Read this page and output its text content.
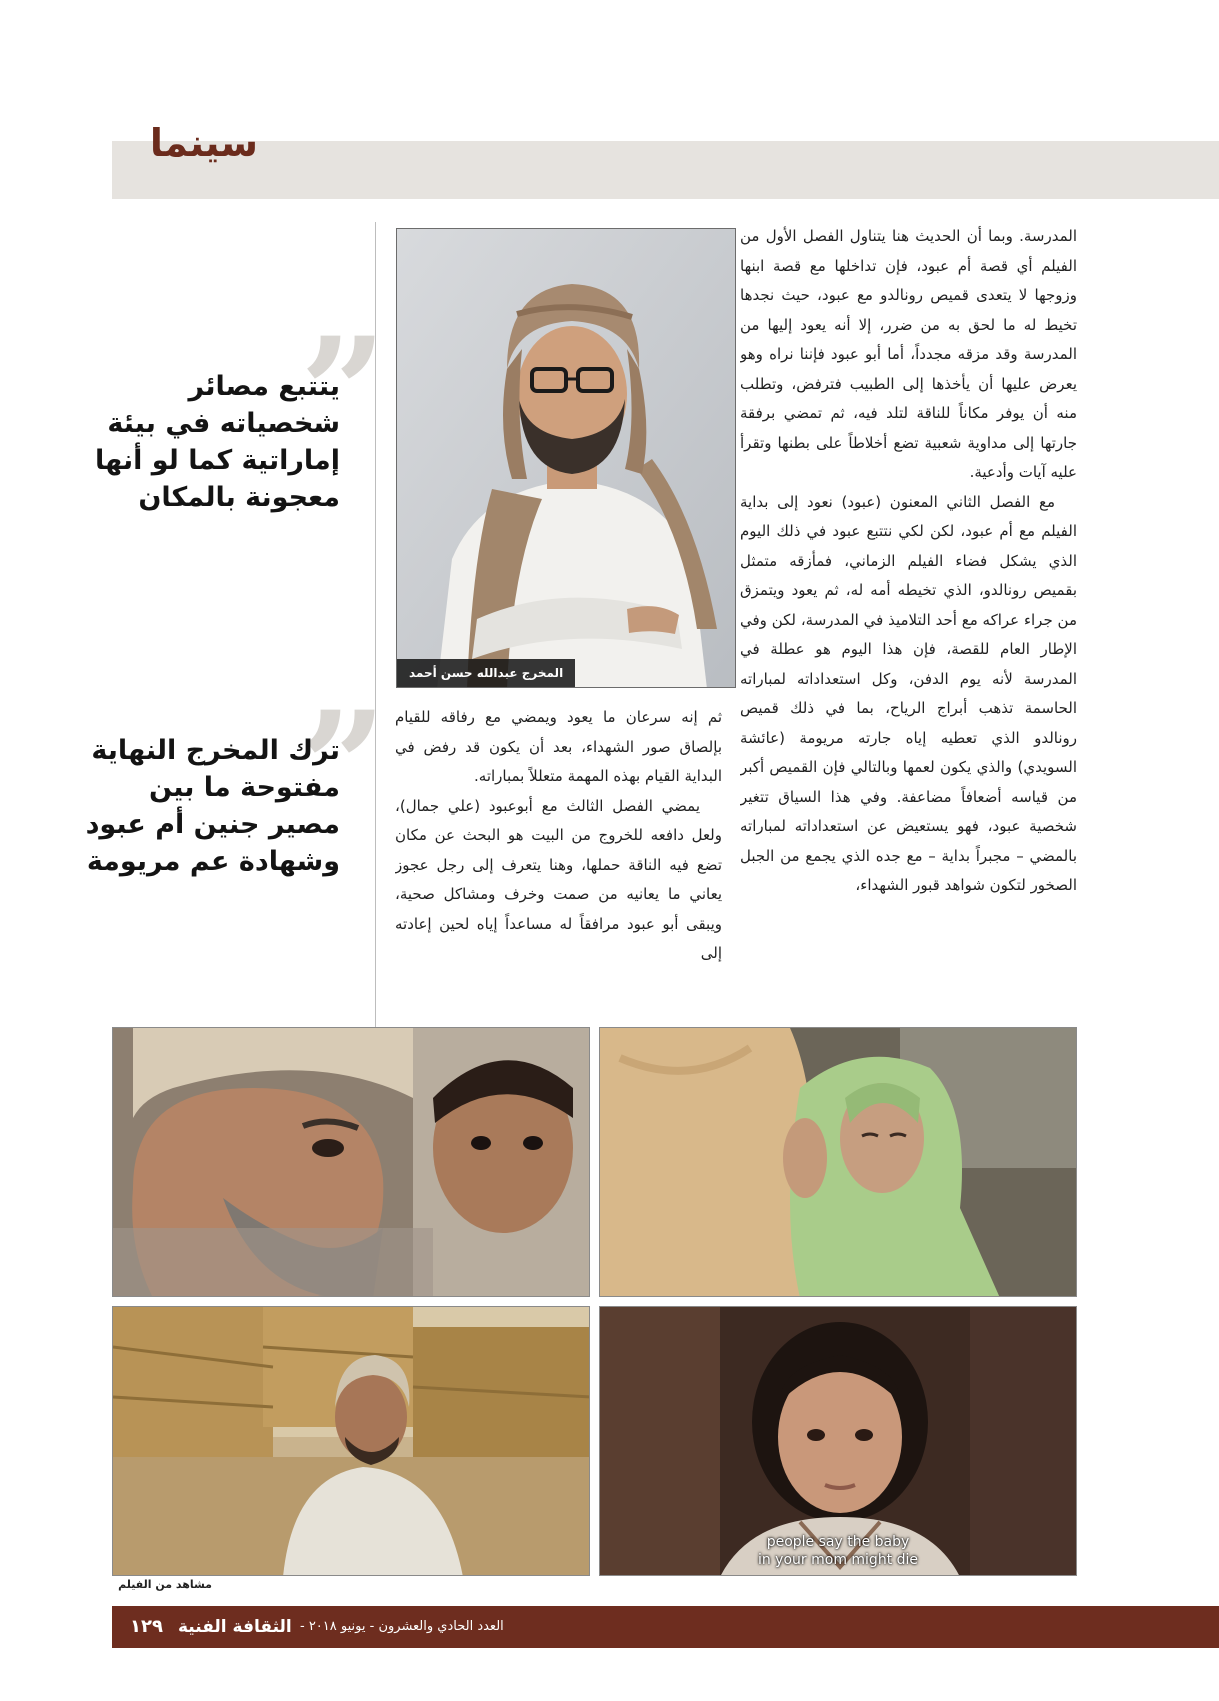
سينما

المدرسة. وبما أن الحديث هنا يتناول الفصل الأول من الفيلم أي قصة أم عبود، فإن تداخلها مع قصة ابنها وزوجها لا يتعدى قميص رونالدو مع عبود، حيث نجدها تخيط له ما لحق به من ضرر، إلا أنه يعود إليها من المدرسة وقد مزقه مجدداً، أما أبو عبود فإننا نراه وهو يعرض عليها أن يأخذها إلى الطبيب فترفض، وتطلب منه أن يوفر مكاناً للناقة لتلد فيه، ثم تمضي برفقة جارتها إلى مداوية شعبية تضع أخلاطاً على بطنها وتقرأ عليه آيات وأدعية.

مع الفصل الثاني المعنون (عبود) نعود إلى بداية الفيلم مع أم عبود، لكن لكي نتتبع عبود في ذلك اليوم الذي يشكل فضاء الفيلم الزماني، فمأزقه متمثل بقميص رونالدو، الذي تخيطه أمه له، ثم يعود ويتمزق من جراء عراكه مع أحد التلاميذ في المدرسة، لكن وفي الإطار العام للقصة، فإن هذا اليوم هو عطلة في المدرسة لأنه يوم الدفن، وكل استعداداته لمباراته الحاسمة تذهب أبراج الرياح، بما في ذلك قميص رونالدو الذي تعطيه إياه جارته مريومة (عائشة السويدي) والذي يكون لعمها وبالتالي فإن القميص أكبر من قياسه أضعافاً مضاعفة. وفي هذا السياق تتغير شخصية عبود، فهو يستعيض عن استعداداته لمباراته بالمضي – مجبراً بداية – مع جده الذي يجمع من الجبل الصخور لتكون شواهد قبور الشهداء،

المخرج عبدالله حسن أحمد

ثم إنه سرعان ما يعود ويمضي مع رفاقه للقيام بإلصاق صور الشهداء، بعد أن يكون قد رفض في البداية القيام بهذه المهمة متعللاً بمباراته.

يمضي الفصل الثالث مع أبوعبود (علي جمال)، ولعل دافعه للخروج من البيت هو البحث عن مكان تضع فيه الناقة حملها، وهنا يتعرف إلى رجل عجوز يعاني ما يعانيه من صمت وخرف ومشاكل صحية، ويبقى أبو عبود مرافقاً له مساعداً إياه لحين إعادته إلى

”
يتتبع مصائر
شخصياته في بيئة
إماراتية كما لو أنها
معجونة بالمكان
”
ترك المخرج النهاية
مفتوحة ما بين
مصير جنين أم عبود
وشهادة عم مريومة
people say the baby
in your mom might die
مشاهد من الفيلم
١٢٩ الثقافة الفنية العدد الحادي والعشرون - يونيو ٢٠١٨ -
